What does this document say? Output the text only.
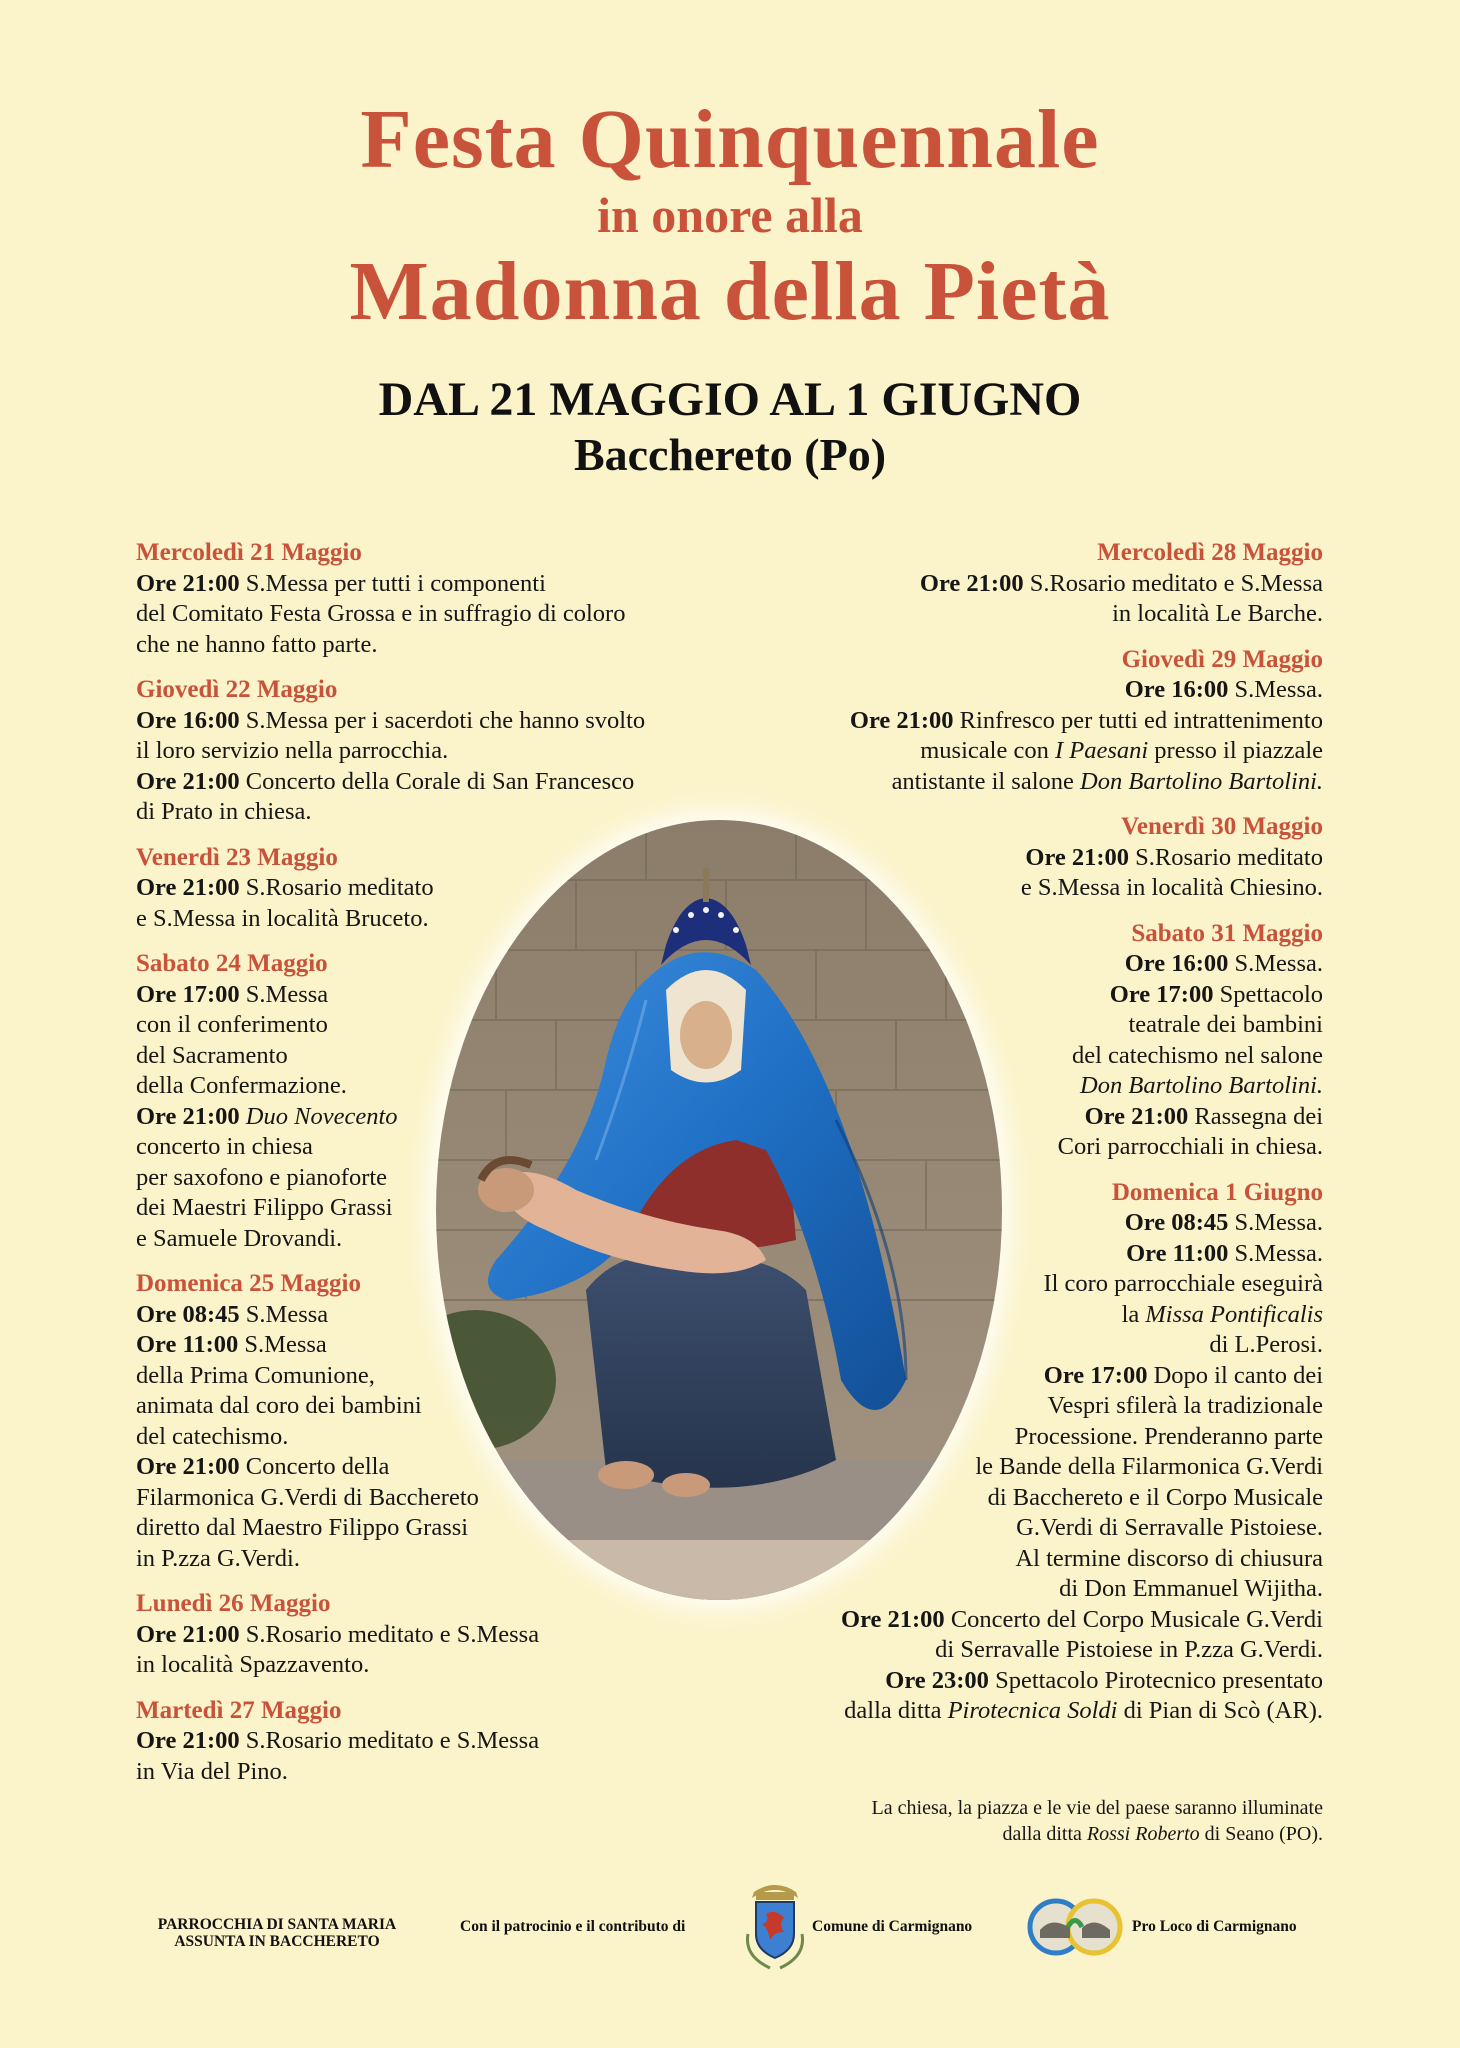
Festa Quinquennale
in onore alla
Madonna della Pietà
DAL 21 MAGGIO AL 1 GIUGNO
Bacchereto (Po)
Mercoledì 21 Maggio
Ore 21:00 S.Messa per tutti i componenti
del Comitato Festa Grossa e in suffragio di coloro
che ne hanno fatto parte.
Giovedì 22 Maggio
Ore 16:00 S.Messa per i sacerdoti che hanno svolto
il loro servizio nella parrocchia.
Ore 21:00 Concerto della Corale di San Francesco
di Prato in chiesa.
Venerdì 23 Maggio
Ore 21:00 S.Rosario meditato
e S.Messa in località Bruceto.
Sabato 24 Maggio
Ore 17:00 S.Messa
con il conferimento
del Sacramento
della Confermazione.
Ore 21:00 Duo Novecento
concerto in chiesa
per saxofono e pianoforte
dei Maestri Filippo Grassi
e Samuele Drovandi.
Domenica 25 Maggio
Ore 08:45 S.Messa
Ore 11:00 S.Messa
della Prima Comunione,
animata dal coro dei bambini
del catechismo.
Ore 21:00 Concerto della
Filarmonica G.Verdi di Bacchereto
diretto dal Maestro Filippo Grassi
in P.zza G.Verdi.
Lunedì 26 Maggio
Ore 21:00 S.Rosario meditato e S.Messa
in località Spazzavento.
Martedì 27 Maggio
Ore 21:00 S.Rosario meditato e S.Messa
in Via del Pino.
Mercoledì 28 Maggio
Ore 21:00 S.Rosario meditato e S.Messa
in località Le Barche.
Giovedì 29 Maggio
Ore 16:00 S.Messa.
Ore 21:00 Rinfresco per tutti ed intrattenimento
musicale con I Paesani presso il piazzale
antistante il salone Don Bartolino Bartolini.
Venerdì 30 Maggio
Ore 21:00 S.Rosario meditato
e S.Messa in località Chiesino.
Sabato 31 Maggio
Ore 16:00 S.Messa.
Ore 17:00 Spettacolo
teatrale dei bambini
del catechismo nel salone
Don Bartolino Bartolini.
Ore 21:00 Rassegna dei
Cori parrocchiali in chiesa.
Domenica 1 Giugno
Ore 08:45 S.Messa.
Ore 11:00 S.Messa.
Il coro parrocchiale eseguirà
la Missa Pontificalis
di L.Perosi.
Ore 17:00 Dopo il canto dei
Vespri sfilerà la tradizionale
Processione. Prenderanno parte
le Bande della Filarmonica G.Verdi
di Bacchereto e il Corpo Musicale
G.Verdi di Serravalle Pistoiese.
Al termine discorso di chiusura
di Don Emmanuel Wijitha.
Ore 21:00 Concerto del Corpo Musicale G.Verdi
di Serravalle Pistoiese in P.zza G.Verdi.
Ore 23:00 Spettacolo Pirotecnico presentato
dalla ditta Pirotecnica Soldi di Pian di Scò (AR).
La chiesa, la piazza e le vie del paese saranno illuminate
dalla ditta Rossi Roberto di Seano (PO).
PARROCCHIA DI SANTA MARIA
ASSUNTA IN BACCHERETO
Con il patrocinio e il contributo di	Comune di Carmignano	Pro Loco di Carmignano
